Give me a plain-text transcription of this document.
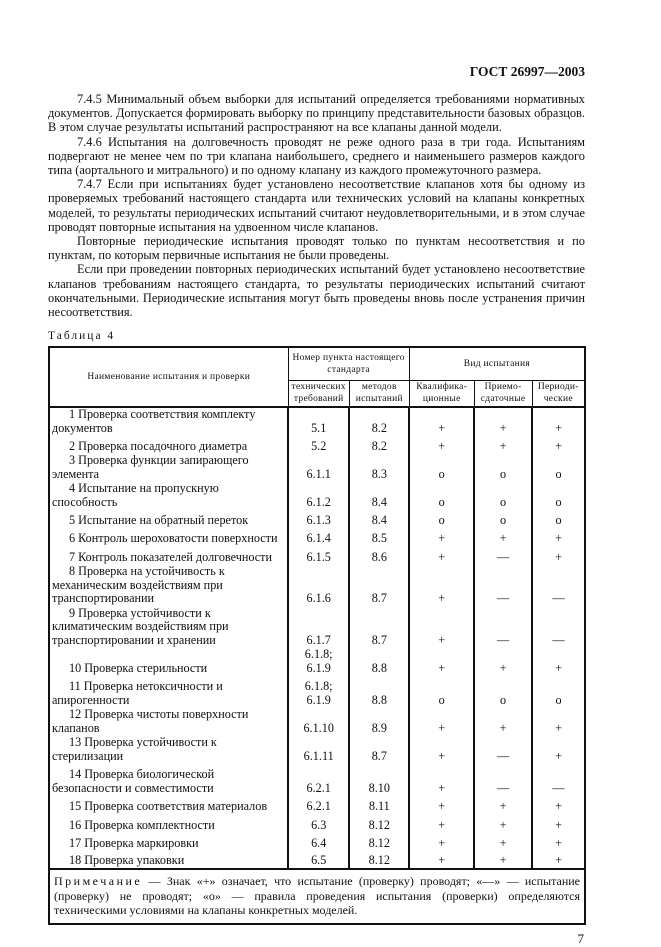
ГОСТ 26997—2003

7.4.5 Минимальный объем выборки для испытаний определяется требованиями нормативных документов. Допускается формировать выборку по принципу представительности базовых образцов. В этом случае результаты испытаний распространяют на все клапаны данной модели.

7.4.6 Испытания на долговечность проводят не реже одного раза в три года. Испытаниям подвергают не менее чем по три клапана наибольшего, среднего и наименьшего размеров каждого типа (аортального и митрального) и по одному клапану из каждого промежуточного размера.

7.4.7 Если при испытаниях будет установлено несоответствие клапанов хотя бы одному из проверяемых требований настоящего стандарта или технических условий на клапаны конкретных моделей, то результаты периодических испытаний считают неудовлетворительными, и в этом случае проводят повторные испытания на удвоенном числе клапанов.

Повторные периодические испытания проводят только по пунктам несоответствия и по пунктам, по которым первичные испытания не были проведены.

Если при проведении повторных периодических испытаний будет установлено несоответствие клапанов требованиям настоящего стандарта, то результаты периодических испытаний считают окончательными. Периодические испытания могут быть проведены вновь после устранения причин несоответствия.

Таблица 4
Наименование испытания и проверки	Номер пункта настоящего стандарта		Вид испытания		
	технических требований	методов испытаний	Квалифика-ционные	Приемо-сдаточные	Периоди-ческие

1 Проверка соответствия комплекту документов	5.1	8.2	+	+	+

2 Проверка посадочного диаметра	5.2	8.2	+	+	+

3 Проверка функции запирающего элемента	6.1.1	8.3	о	о	о

4 Испытание на пропускную способность	6.1.2	8.4	о	о	о

5 Испытание на обратный переток	6.1.3	8.4	о	о	о

6 Контроль шероховатости поверхности	6.1.4	8.5	+	+	+

7 Контроль показателей долговечности	6.1.5	8.6	+	—	+

8 Проверка на устойчивость к механическим воздействиям при транспортировании	6.1.6	8.7	+	—	—

9 Проверка устойчивости к климатическим воздействиям при транспортировании и хранении	6.1.7	8.7	+	—	—

10 Проверка стерильности	6.1.8; 6.1.9	8.8	+	+	+

11 Проверка нетоксичности и апирогенности	6.1.8; 6.1.9	8.8	о	о	о

12 Проверка чистоты поверхности клапанов	6.1.10	8.9	+	+	+

13 Проверка устойчивости к стерилизации	6.1.11	8.7	+	—	+

14 Проверка биологической безопасности и совместимости	6.2.1	8.10	+	—	—

15 Проверка соответствия материалов	6.2.1	8.11	+	+	+

16 Проверка комплектности	6.3	8.12	+	+	+

17 Проверка маркировки	6.4	8.12	+	+	+

18 Проверка упаковки	6.5	8.12	+	+	+
Примечание — Знак «+» означает, что испытание (проверку) проводят; «—» — испытание (проверку) не проводят; «о» — правила проведения испытания (проверки) определяются техническими условиями на клапаны конкретных моделей.					
7
